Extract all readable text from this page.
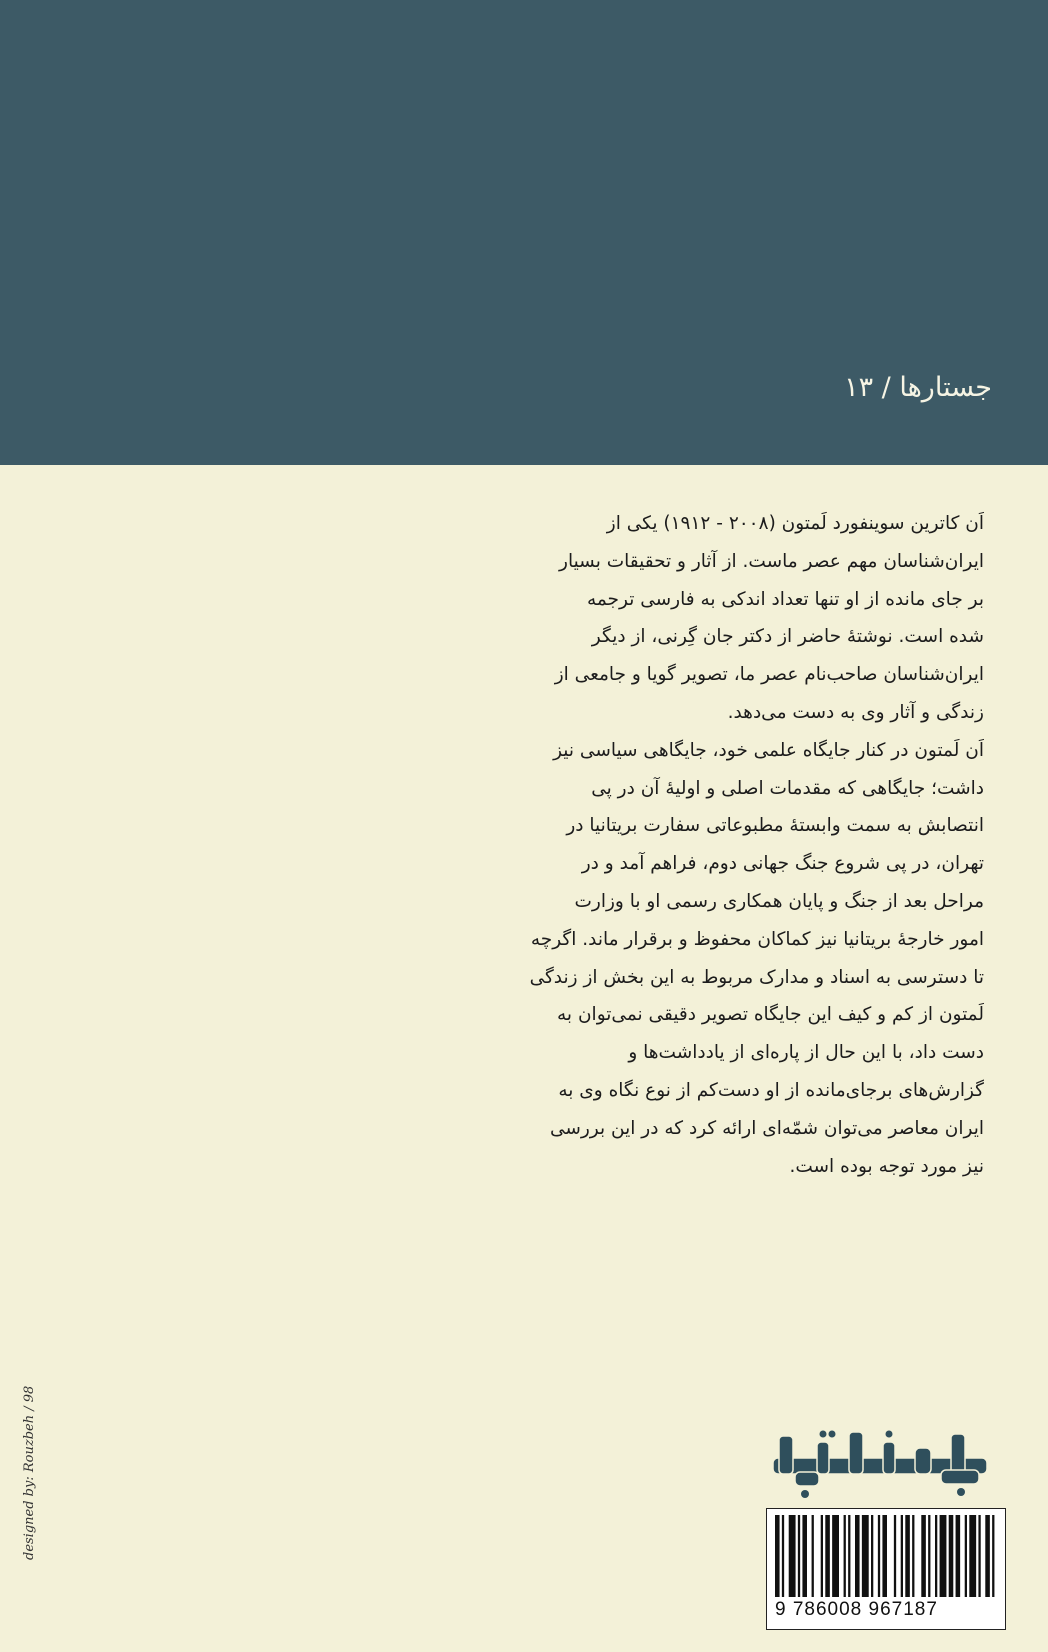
جستارها / ۱۳
اَن کاترین سوینفورد لَمتون (۲۰۰۸ - ۱۹۱۲) یکی از
ایران‌شناسان مهم عصر ماست. از آثار و تحقیقات بسیار
بر جای مانده از او تنها تعداد اندکی به فارسی ترجمه
شده است. نوشتهٔ حاضر از دکتر جان گِرنی، از دیگر
ایران‌شناسان صاحب‌نام عصر ما، تصویر گویا و جامعی از
زندگی و آثار وی به دست می‌دهد.
اَن لَمتون در کنار جایگاه علمی خود، جایگاهی سیاسی نیز
داشت؛ جایگاهی که مقدمات اصلی و اولیهٔ آن در پی
انتصابش به سمت وابستهٔ مطبوعاتی سفارت بریتانیا در
تهران، در پی شروع جنگ جهانی دوم، فراهم آمد و در
مراحل بعد از جنگ و پایان همکاری رسمی او با وزارت
امور خارجهٔ بریتانیا نیز کماکان محفوظ و برقرار ماند. اگرچه
تا دسترسی به اسناد و مدارک مربوط به این بخش از زندگی
لَمتون از کم و کیف این جایگاه تصویر دقیقی نمی‌توان به
دست داد، با این حال از پاره‌ای از یادداشت‌ها و
گزارش‌های برجای‌مانده از او دست‌کم از نوع نگاه وی به
ایران معاصر می‌توان شمّه‌ای ارائه کرد که در این بررسی
نیز مورد توجه بوده است.
designed by: Rouzbeh / 98
9 786008 967187
